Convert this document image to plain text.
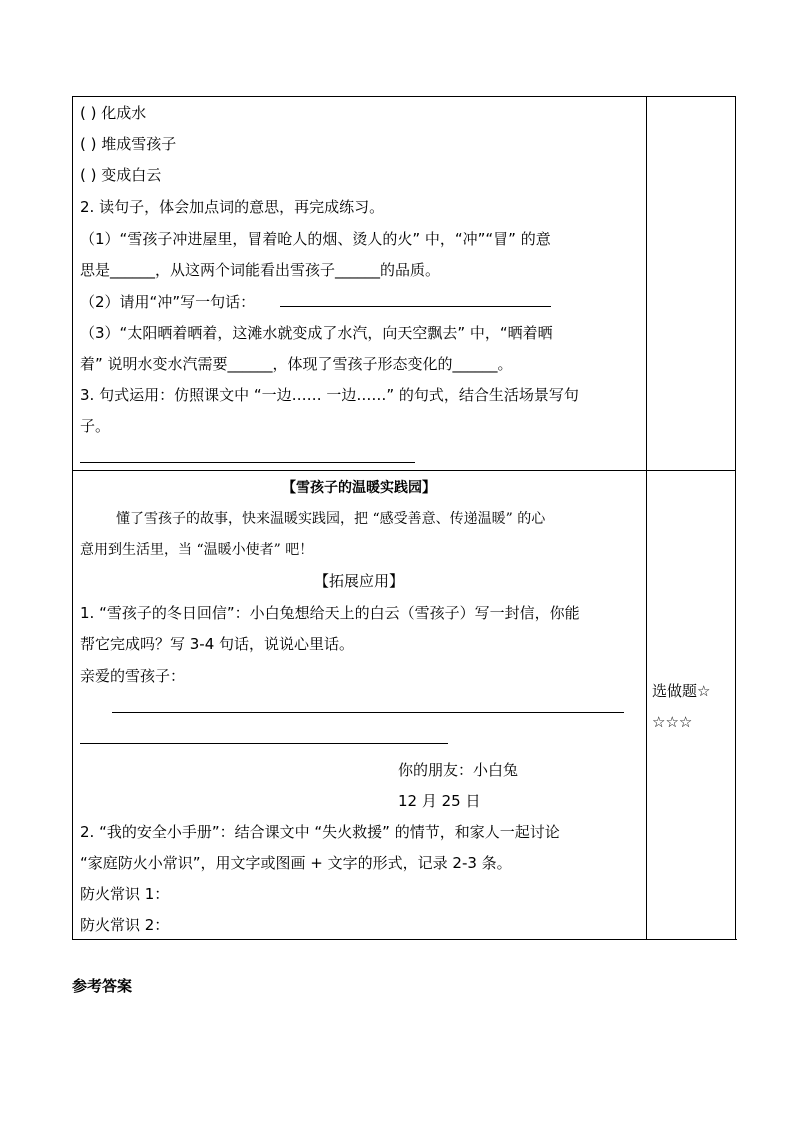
( ) 化成水
( ) 堆成雪孩子
( ) 变成白云
2. 读句子，体会加点词的意思，再完成练习。
（1）“雪孩子冲进屋里，冒着呛人的烟、烫人的火” 中，“冲”“冒” 的意
思是______，从这两个词能看出雪孩子______的品质。
（2）请用“冲”写一句话：
（3）“太阳晒着晒着，这滩水就变成了水汽，向天空飘去” 中，“晒着晒
着” 说明水变水汽需要______，体现了雪孩子形态变化的______。
3. 句式运用：仿照课文中 “一边…… 一边……” 的句式，结合生活场景写句
子。
【雪孩子的温暖实践园】
懂了雪孩子的故事，快来温暖实践园，把 “感受善意、传递温暖” 的心
意用到生活里，当 “温暖小使者” 吧！
【拓展应用】
1. “雪孩子的冬日回信”：小白兔想给天上的白云（雪孩子）写一封信，你能
帮它完成吗？写 3-4 句话，说说心里话。
亲爱的雪孩子：
你的朋友：小白兔
12 月 25 日
2. “我的安全小手册”：结合课文中 “失火救援” 的情节，和家人一起讨论
“家庭防火小常识”，用文字或图画 + 文字的形式，记录 2-3 条。
防火常识 1：
防火常识 2：
选做题☆
☆☆☆
参考答案
